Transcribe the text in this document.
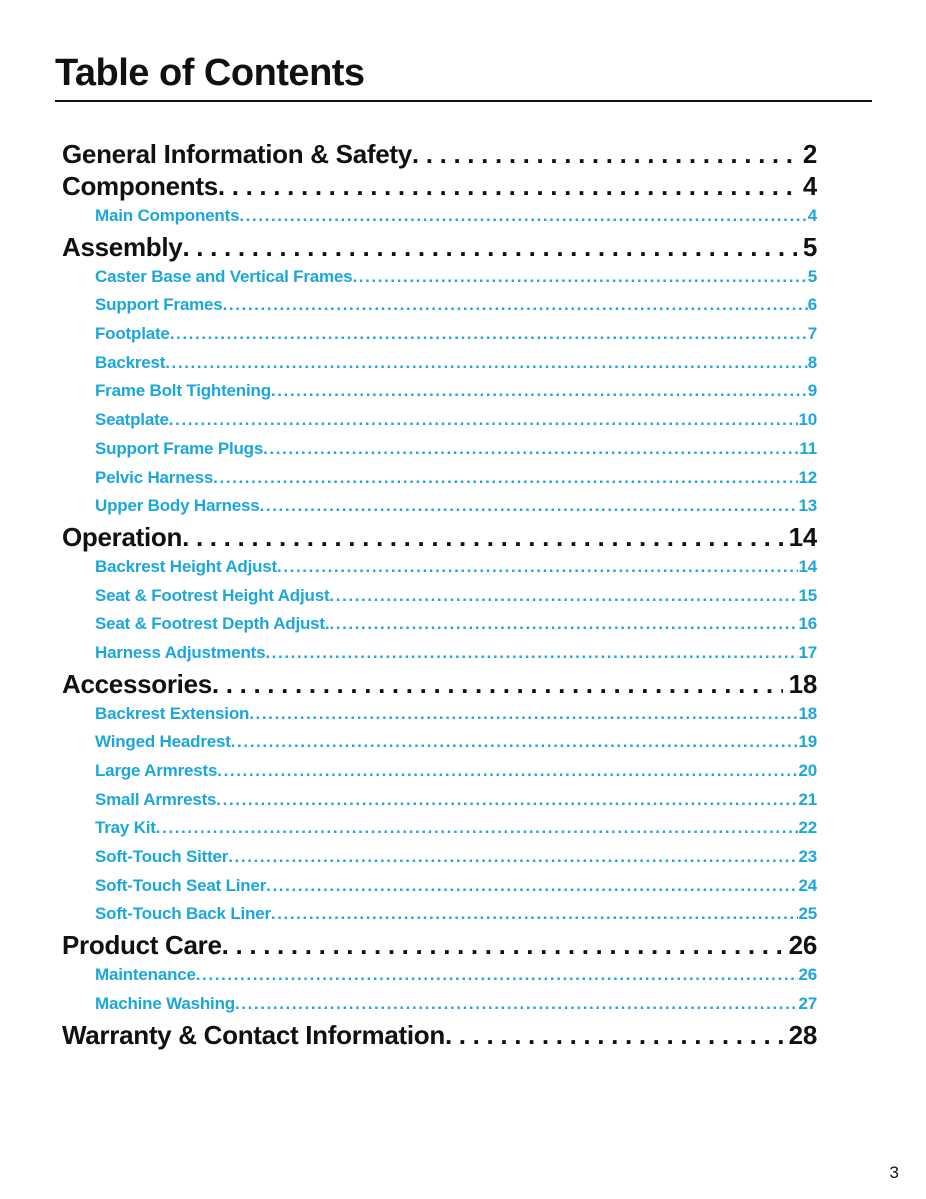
Table of Contents
General Information & Safety . . .	2
Components . . .	4
Main Components .....	4
Assembly . . .	5
Caster Base and Vertical Frames .....	5
Support Frames .....	6
Footplate .....	7
Backrest .....	8
Frame Bolt Tightening .....	9
Seatplate .....	10
Support Frame Plugs .....	11
Pelvic Harness .....	12
Upper Body Harness .....	13
Operation . . .	14
Backrest Height Adjust .....	14
Seat & Footrest Height Adjust .....	15
Seat & Footrest Depth Adjust. .....	16
Harness Adjustments .....	17
Accessories . . .	18
Backrest Extension .....	18
Winged Headrest .....	19
Large Armrests .....	20
Small Armrests .....	21
Tray Kit .....	22
Soft-Touch Sitter .....	23
Soft-Touch Seat Liner .....	24
Soft-Touch Back Liner .....	25
Product Care . . .	26
Maintenance .....	26
Machine Washing .....	27
Warranty & Contact Information . . .	28
3
